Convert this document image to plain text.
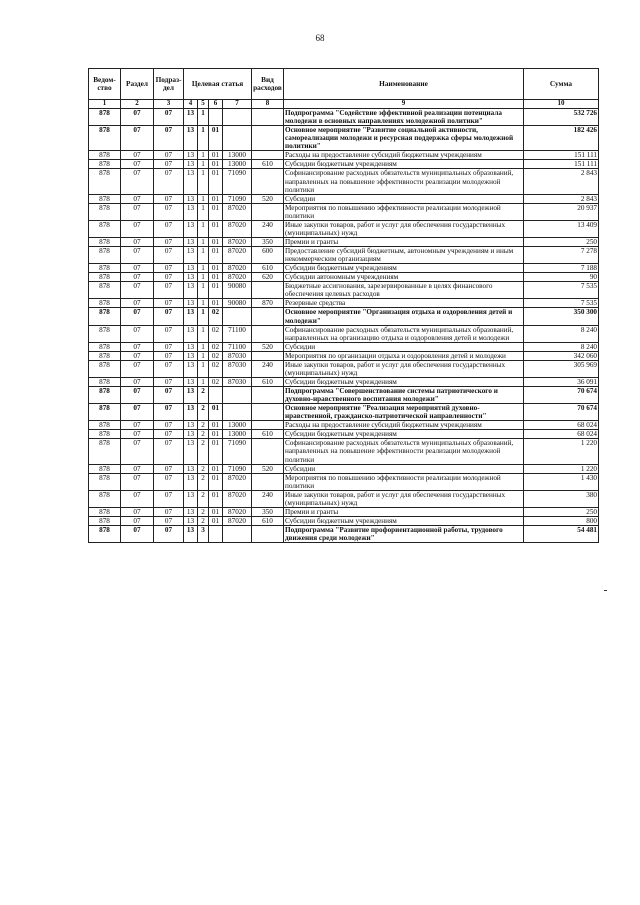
68
Ведом-ство	Раздел	Подраз-дел	Целевая статья				Вид расходов	Наименование	Сумма
1	2	3	4	5	6	7	8	9	10
878	07	07	13	1				Подпрограмма "Содействие эффективной реализации потенциала молодежи в основных направлениях молодежной политики"	532 726
878	07	07	13	1	01			Основное мероприятие "Развитие социальной активности, самореализации молодежи и ресурсная поддержка сферы молодежной политики"	182 426
878	07	07	13	1	01	13000		Расходы на предоставление субсидий бюджетным учреждениям	151 111
878	07	07	13	1	01	13000	610	Субсидии бюджетным учреждениям	151 111
878	07	07	13	1	01	71090		Софинансирование расходных обязательств муниципальных образований, направленных на повышение эффективности реализации молодежной политики	2 843
878	07	07	13	1	01	71090	520	Субсидии	2 843
878	07	07	13	1	01	87020		Мероприятия по повышению эффективности реализации молодежной политики	20 937
878	07	07	13	1	01	87020	240	Иные закупки товаров, работ и услуг для обеспечения государственных (муниципальных) нужд	13 409
878	07	07	13	1	01	87020	350	Премии и гранты	250
878	07	07	13	1	01	87020	600	Предоставление субсидий бюджетным, автономным учреждениям и иным некоммерческим организациям	7 278
878	07	07	13	1	01	87020	610	Субсидии бюджетным учреждениям	7 188
878	07	07	13	1	01	87020	620	Субсидии автономным учреждениям	90
878	07	07	13	1	01	90080		Бюджетные ассигнования, зарезервированные в целях финансового обеспечения целевых расходов	7 535
878	07	07	13	1	01	90080	870	Резервные средства	7 535
878	07	07	13	1	02			Основное мероприятие "Организация отдыха и оздоровления детей и молодежи"	350 300
878	07	07	13	1	02	71100		Софинансирование расходных обязательств муниципальных образований, направленных на организацию отдыха и оздоровления детей и молодежи	8 240
878	07	07	13	1	02	71100	520	Субсидии	8 240
878	07	07	13	1	02	87030		Мероприятия по организации отдыха и оздоровления детей и молодежи	342 060
878	07	07	13	1	02	87030	240	Иные закупки товаров, работ и услуг для обеспечения государственных (муниципальных) нужд	305 969
878	07	07	13	1	02	87030	610	Субсидии бюджетным учреждениям	36 091
878	07	07	13	2				Подпрограмма "Совершенствование системы патриотического и духовно-нравственного воспитания молодежи"	70 674
878	07	07	13	2	01			Основное мероприятие "Реализация мероприятий духовно-нравственной, гражданско-патриотической направленности"	70 674
878	07	07	13	2	01	13000		Расходы на предоставление субсидий бюджетным учреждениям	68 024
878	07	07	13	2	01	13000	610	Субсидии бюджетным учреждениям	68 024
878	07	07	13	2	01	71090		Софинансирование расходных обязательств муниципальных образований, направленных на повышение эффективности реализации молодежной политики	1 220
878	07	07	13	2	01	71090	520	Субсидии	1 220
878	07	07	13	2	01	87020		Мероприятия по повышению эффективности реализации молодежной политики	1 430
878	07	07	13	2	01	87020	240	Иные закупки товаров, работ и услуг для обеспечения государственных (муниципальных) нужд	380
878	07	07	13	2	01	87020	350	Премии и гранты	250
878	07	07	13	2	01	87020	610	Субсидии бюджетным учреждениям	800
878	07	07	13	3				Подпрограмма "Развитие профориентационной работы, трудового движения среди молодежи"	54 481
